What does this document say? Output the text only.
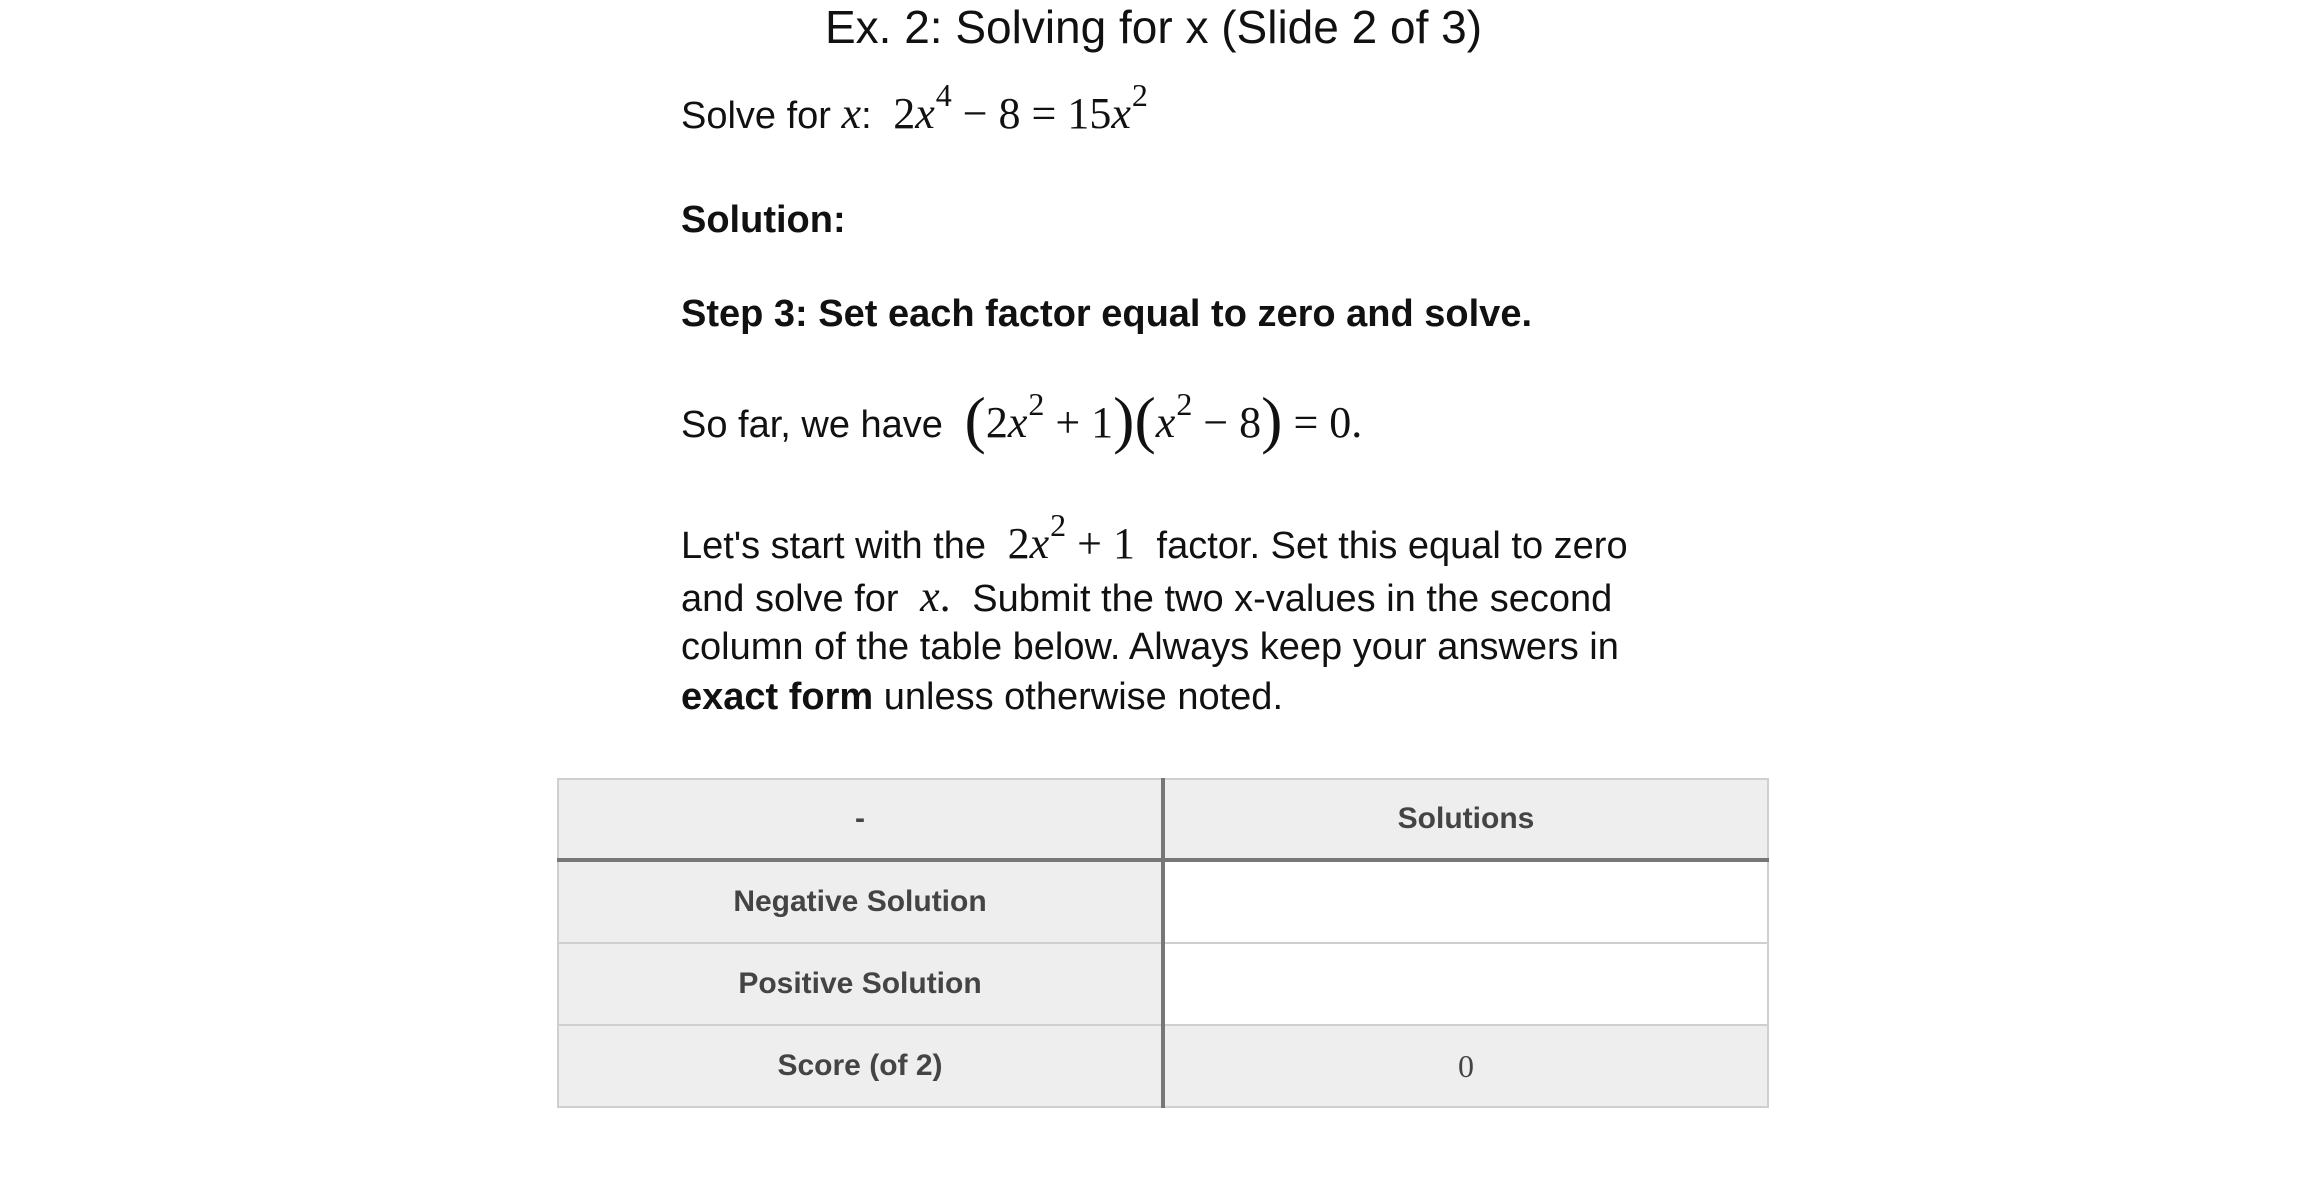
Ex. 2: Solving for x (Slide 2 of 3)
Solve for x: $2x^4 - 8 = 15x^2$
Solution:
Step 3: Set each factor equal to zero and solve.
So far, we have $(2x^2 + 1)(x^2 - 8) = 0$.
Let's start with the $2x^2 + 1$ factor. Set this equal to zero
and solve for x. Submit the two x-values in the second
column of the table below. Always keep your answers in
exact form unless otherwise noted.
-	Solutions
Negative Solution	
Positive Solution	
Score (of 2)	0
